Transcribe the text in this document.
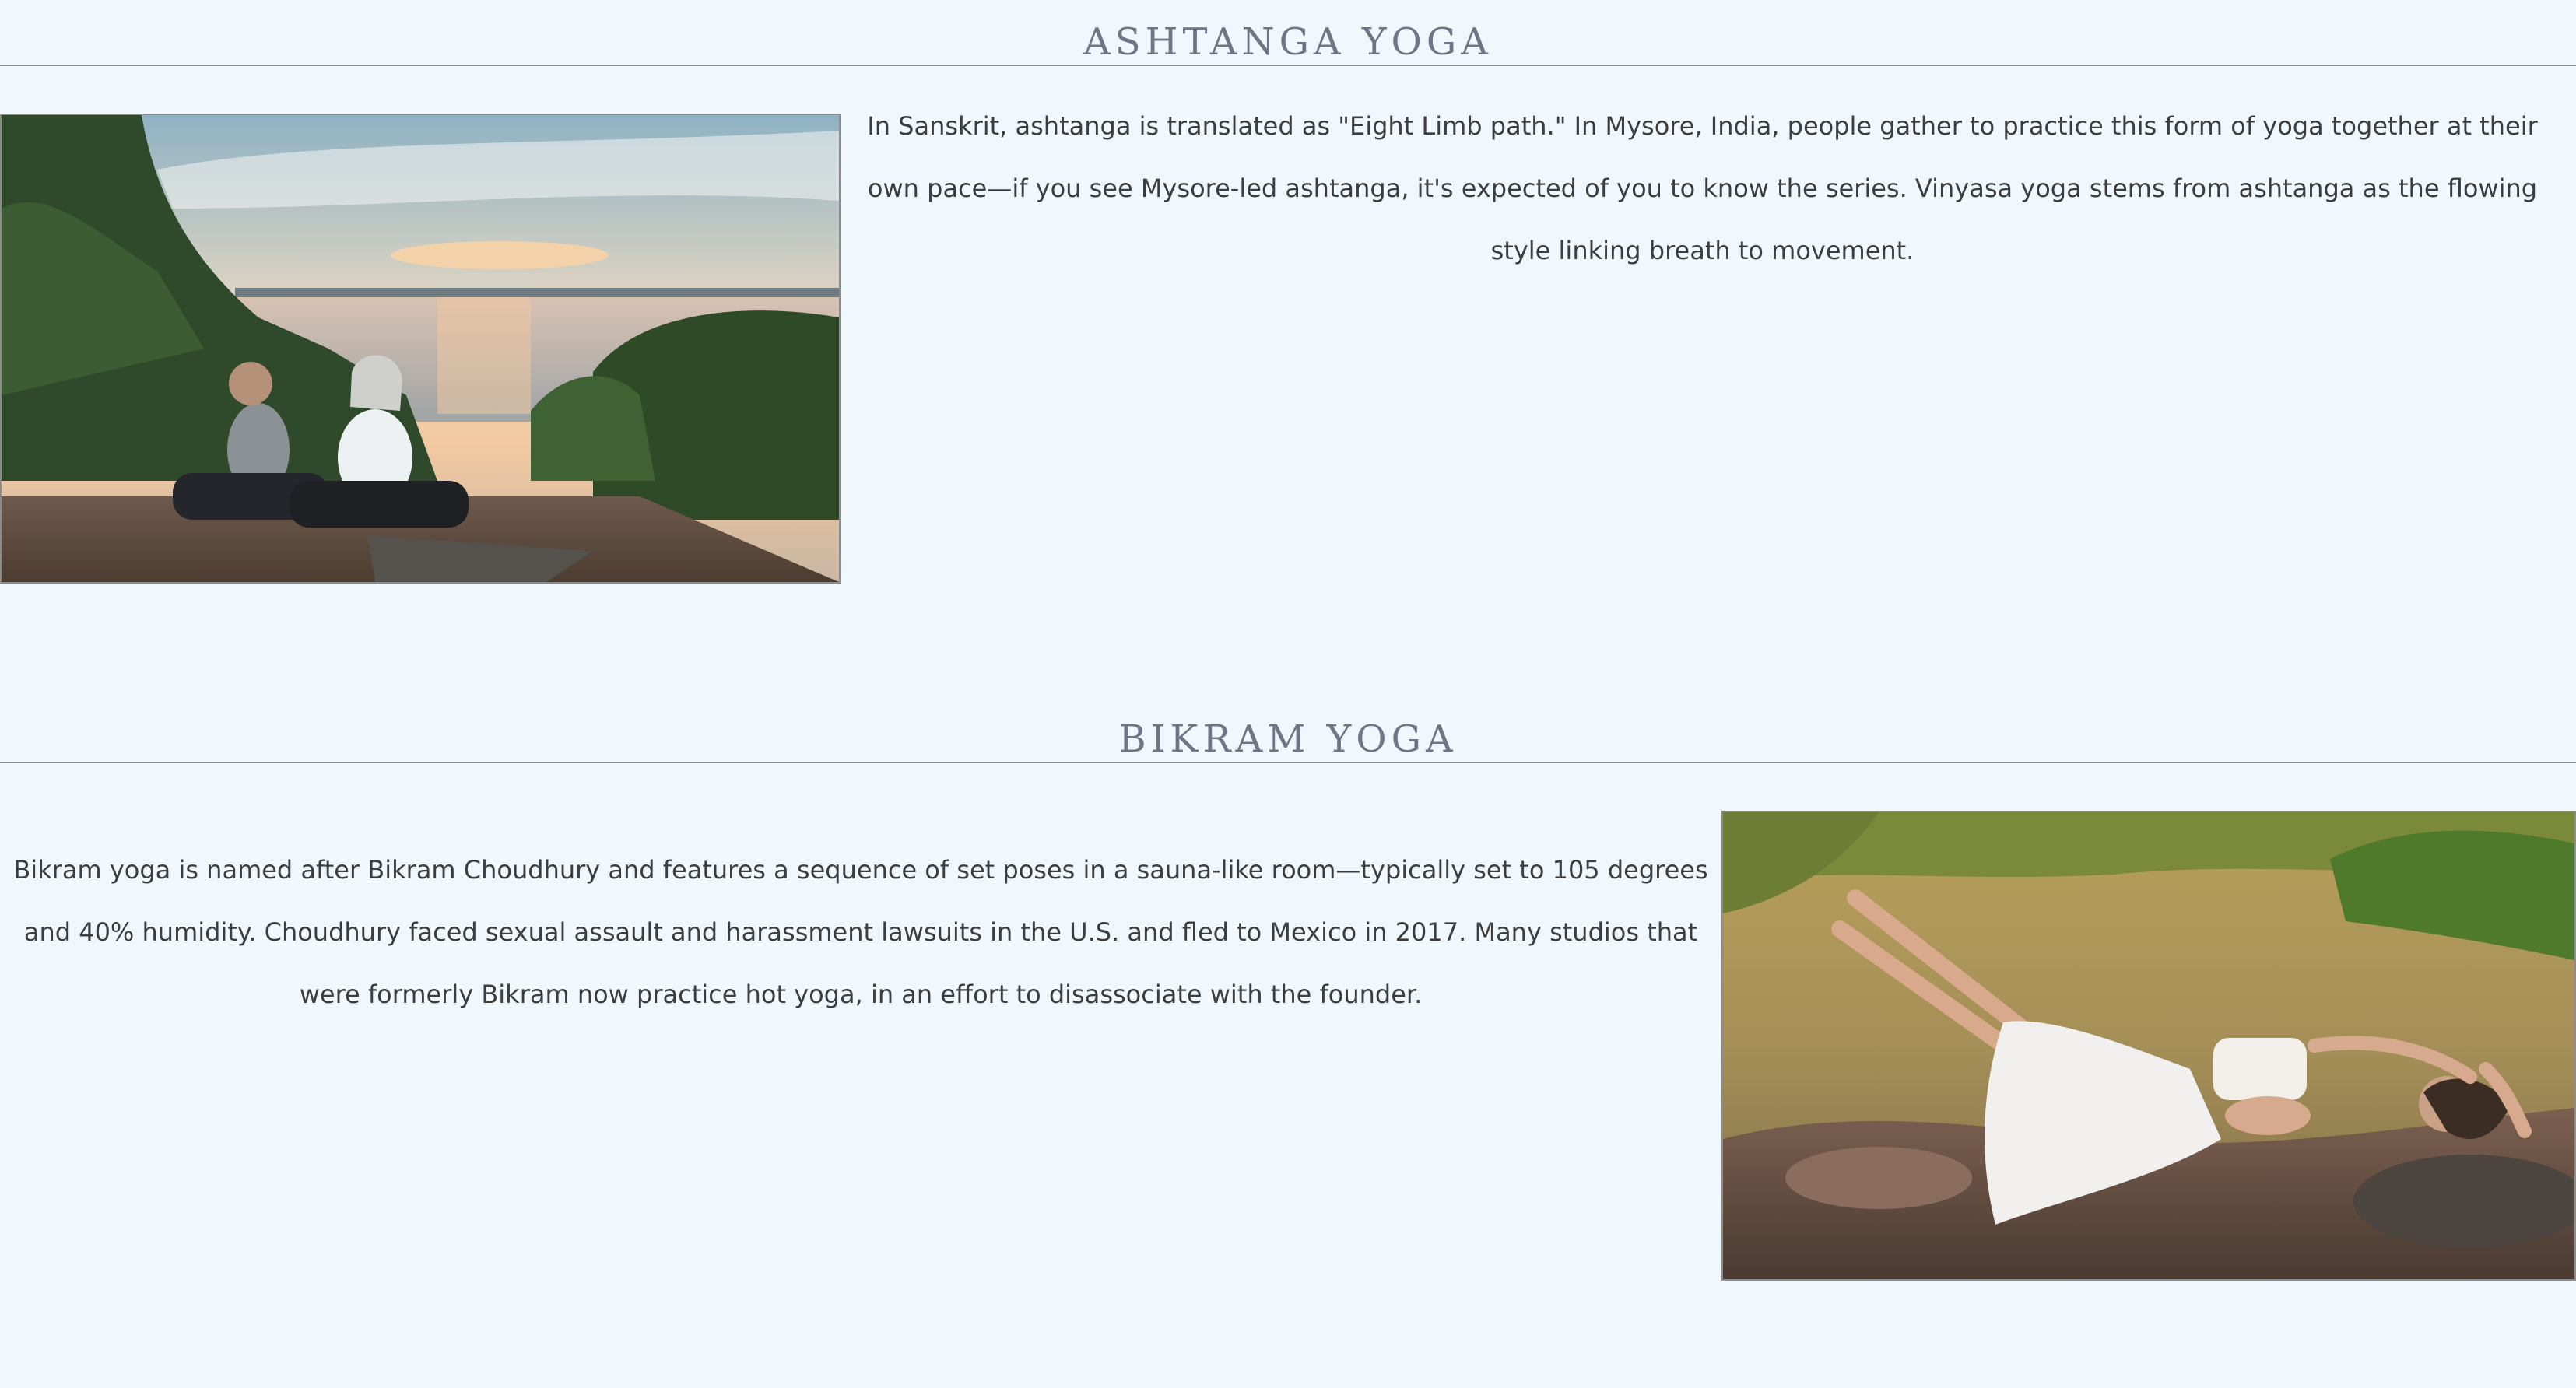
ASHTANGA YOGA

In Sanskrit, ashtanga is translated as "Eight Limb path." In Mysore, India, people gather to practice this form of yoga together at their own pace—if you see Mysore-led ashtanga, it's expected of you to know the series. Vinyasa yoga stems from ashtanga as the flowing style linking breath to movement.

BIKRAM YOGA

Bikram yoga is named after Bikram Choudhury and features a sequence of set poses in a sauna-like room—typically set to 105 degrees and 40% humidity. Choudhury faced sexual assault and harassment lawsuits in the U.S. and fled to Mexico in 2017. Many studios that were formerly Bikram now practice hot yoga, in an effort to disassociate with the founder.
